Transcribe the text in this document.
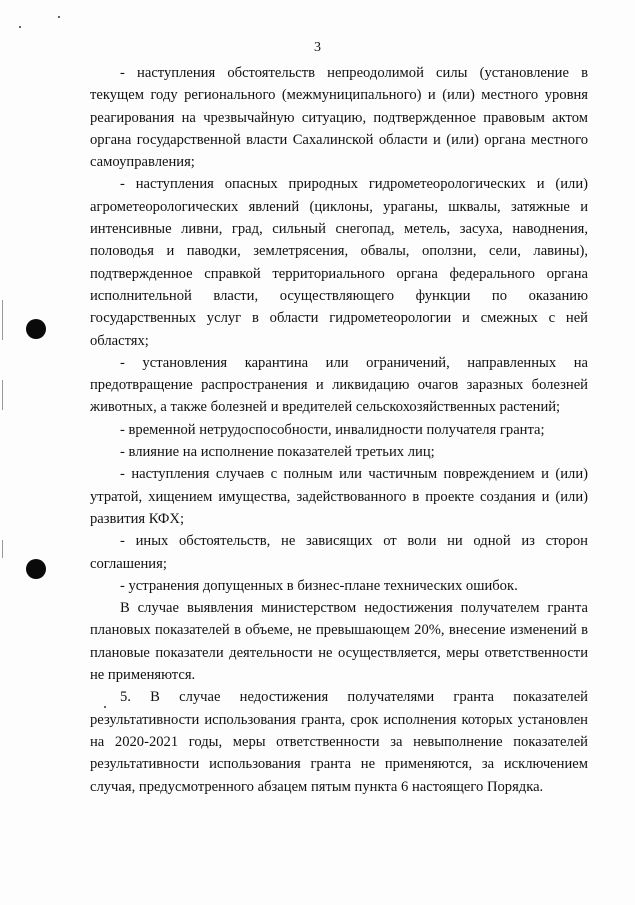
3

- наступления обстоятельств непреодолимой силы (установление в текущем году регионального (межмуниципального) и (или) местного уровня реагирования на чрезвычайную ситуацию, подтвержденное правовым актом органа государственной власти Сахалинской области и (или) органа местного самоуправления;

- наступления опасных природных гидрометеорологических и (или) агрометеорологических явлений (циклоны, ураганы, шквалы, затяжные и интенсивные ливни, град, сильный снегопад, метель, засуха, наводнения, половодья и паводки, землетрясения, обвалы, оползни, сели, лавины), подтвержденное справкой территориального органа федерального органа исполнительной власти, осуществляющего функции по оказанию государственных услуг в области гидрометеорологии и смежных с ней областях;

- установления карантина или ограничений, направленных на предотвращение распространения и ликвидацию очагов заразных болезней животных, а также болезней и вредителей сельскохозяйственных растений;

- временной нетрудоспособности, инвалидности получателя гранта;

- влияние на исполнение показателей третьих лиц;

- наступления случаев с полным или частичным повреждением и (или) утратой, хищением имущества, задействованного в проекте создания и (или) развития КФХ;

- иных обстоятельств, не зависящих от воли ни одной из сторон соглашения;

- устранения допущенных в бизнес-плане технических ошибок.

В случае выявления министерством недостижения получателем гранта плановых показателей в объеме, не превышающем 20%, внесение изменений в плановые показатели деятельности не осуществляется, меры ответственности не применяются.

5. В случае недостижения получателями гранта показателей результативности использования гранта, срок исполнения которых установлен на 2020-2021 годы, меры ответственности за невыполнение показателей результативности использования гранта не применяются, за исключением случая, предусмотренного абзацем пятым пункта 6 настоящего Порядка.
